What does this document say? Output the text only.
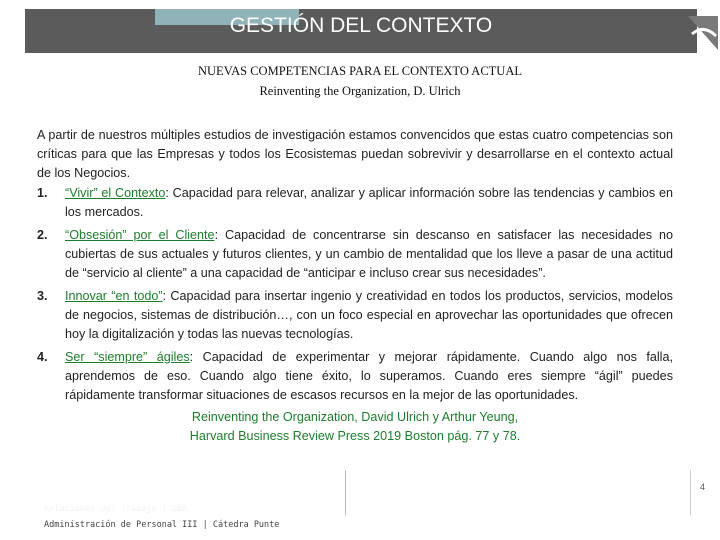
GESTIÓN DEL CONTEXTO
NUEVAS COMPETENCIAS PARA EL CONTEXTO ACTUAL
Reinventing the Organization, D. Ulrich

A partir de nuestros múltiples estudios de investigación estamos convencidos que estas cuatro competencias son críticas para que las Empresas y todos los Ecosistemas puedan sobrevivir y desarrollarse en el contexto actual de los Negocios.

1. “Vivir” el Contexto: Capacidad para relevar, analizar y aplicar información sobre las tendencias y cambios en los mercados.
2. “Obsesión” por el Cliente: Capacidad de concentrarse sin descanso en satisfacer las necesidades no cubiertas de sus actuales y futuros clientes, y un cambio de mentalidad que los lleve a pasar de una actitud de “servicio al cliente” a una capacidad de “anticipar e incluso crear sus necesidades”.
3. Innovar “en todo”: Capacidad para insertar ingenio y creatividad en todos los productos, servicios, modelos de negocios, sistemas de distribución…, con un foco especial en aprovechar las oportunidades que ofrecen hoy la digitalización y todas las nuevas tecnologías.
4. Ser “siempre” ágiles: Capacidad de experimentar y mejorar rápidamente. Cuando algo nos falla, aprendemos de eso. Cuando algo tiene éxito, lo superamos. Cuando eres siempre “ágil” puedes rápidamente transformar situaciones de escasos recursos en la mejor de las oportunidades.
Reinventing the Organization, David Ulrich y Arthur Yeung,
Harvard Business Review Press 2019 Boston pág. 77 y 78.
Administración de Personal III | Cátedra Punte
4
